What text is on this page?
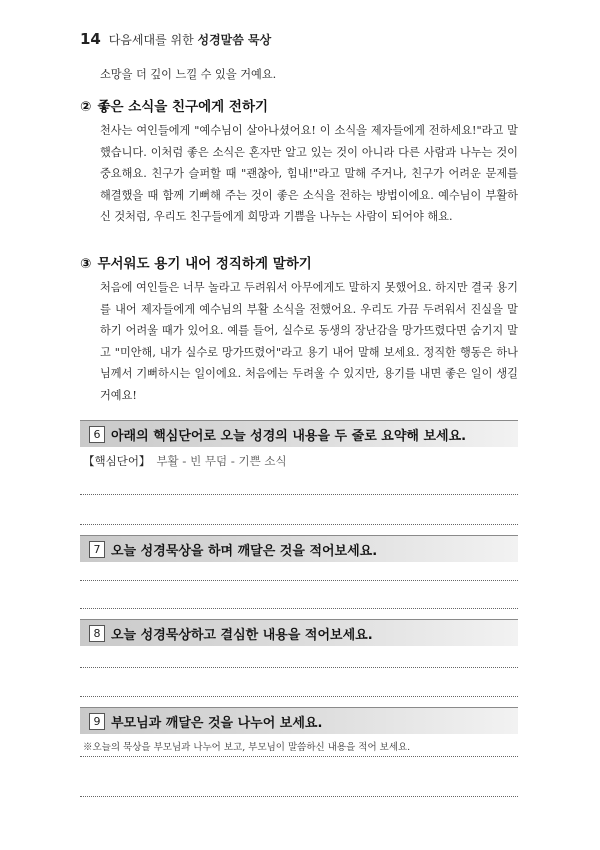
14 다음세대를 위한 성경말씀 묵상
소망을 더 깊이 느낄 수 있을 거예요.
② 좋은 소식을 친구에게 전하기
천사는 여인들에게 "예수님이 살아나셨어요! 이 소식을 제자들에게 전하세요!"라고 말했습니다. 이처럼 좋은 소식은 혼자만 알고 있는 것이 아니라 다른 사람과 나누는 것이 중요해요. 친구가 슬퍼할 때 "괜찮아, 힘내!"라고 말해 주거나, 친구가 어려운 문제를 해결했을 때 함께 기뻐해 주는 것이 좋은 소식을 전하는 방법이에요. 예수님이 부활하신 것처럼, 우리도 친구들에게 희망과 기쁨을 나누는 사람이 되어야 해요.
③ 무서워도 용기 내어 정직하게 말하기
처음에 여인들은 너무 놀라고 두려워서 아무에게도 말하지 못했어요. 하지만 결국 용기를 내어 제자들에게 예수님의 부활 소식을 전했어요. 우리도 가끔 두려워서 진실을 말하기 어려울 때가 있어요. 예를 들어, 실수로 동생의 장난감을 망가뜨렸다면 숨기지 말고 "미안해, 내가 실수로 망가뜨렸어"라고 용기 내어 말해 보세요. 정직한 행동은 하나님께서 기뻐하시는 일이에요. 처음에는 두려울 수 있지만, 용기를 내면 좋은 일이 생길 거예요!
6 아래의 핵심단어로 오늘 성경의 내용을 두 줄로 요약해 보세요.
【핵심단어】 부활 - 빈 무덤 - 기쁜 소식
7 오늘 성경묵상을 하며 깨달은 것을 적어보세요.
8 오늘 성경묵상하고 결심한 내용을 적어보세요.
9 부모님과 깨달은 것을 나누어 보세요.
※오늘의 묵상을 부모님과 나누어 보고, 부모님이 말씀하신 내용을 적어 보세요.
